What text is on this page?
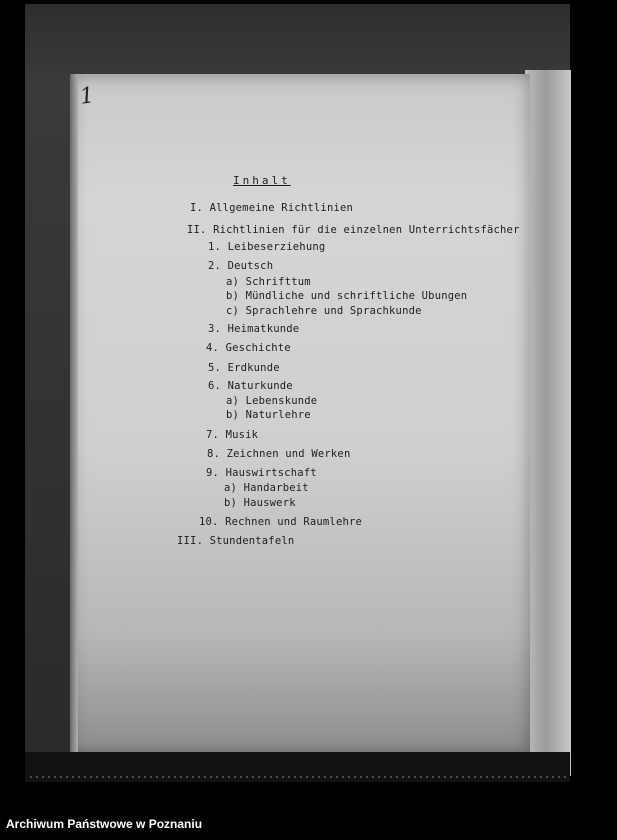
1
Inhalt
I. Allgemeine Richtlinien
II. Richtlinien für die einzelnen Unterrichtsfächer
1. Leibeserziehung
2. Deutsch
a) Schrifttum
b) Mündliche und schriftliche Ubungen
c) Sprachlehre und Sprachkunde
3. Heimatkunde
4. Geschichte
5. Erdkunde
6. Naturkunde
a) Lebenskunde
b) Naturlehre
7. Musik
8. Zeichnen und Werken
9. Hauswirtschaft
a) Handarbeit
b) Hauswerk
10. Rechnen und Raumlehre
III. Stundentafeln
Archiwum Państwowe w Poznaniu
